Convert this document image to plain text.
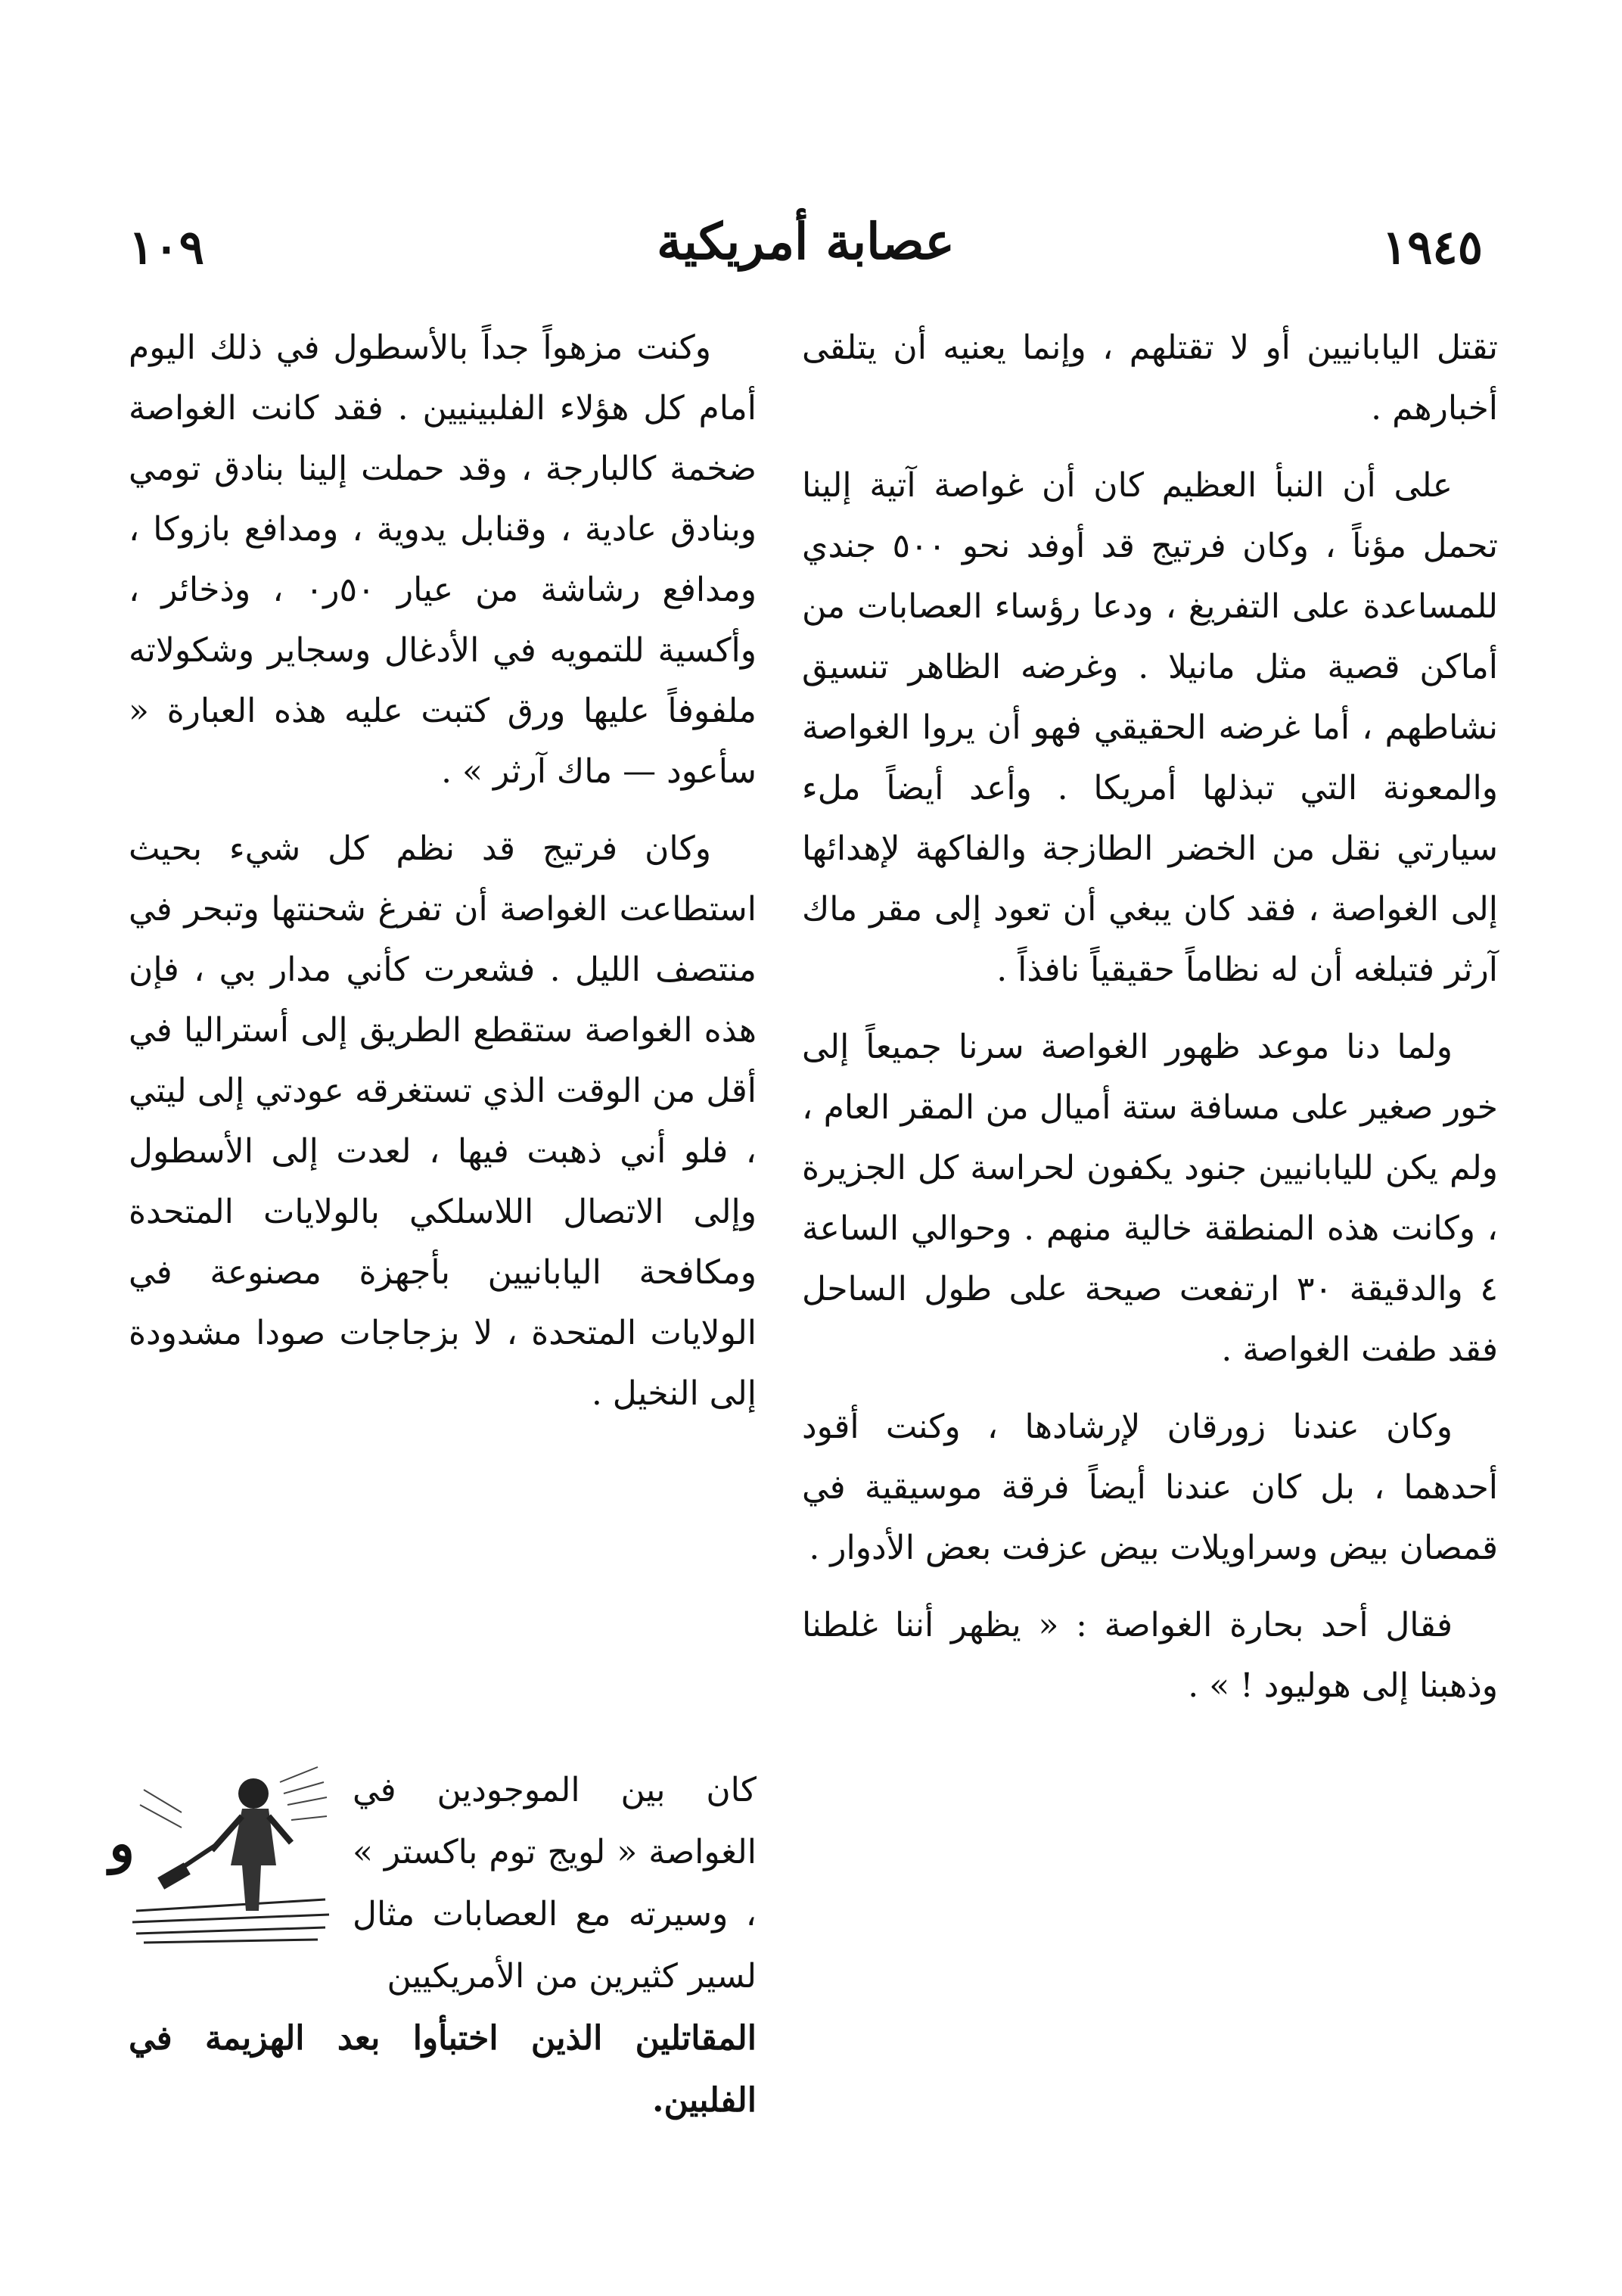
١٠٩	عصابة أمريكية	١٩٤٥

تقتل اليابانيين أو لا تقتلهم ، وإنما يعنيه أن يتلقى أخبارهم .

على أن النبأ العظيم كان أن غواصة آتية إلينا تحمل مؤناً ، وكان فرتيج قد أوفد نحو ٥٠٠ جندي للمساعدة على التفريغ ، ودعا رؤساء العصابات من أماكن قصية مثل مانيلا . وغرضه الظاهر تنسيق نشاطهم ، أما غرضه الحقيقي فهو أن يروا الغواصة والمعونة التي تبذلها أمريكا . وأعد أيضاً ملء سيارتي نقل من الخضر الطازجة والفاكهة لإهدائها إلى الغواصة ، فقد كان يبغي أن تعود إلى مقر ماك آرثر فتبلغه أن له نظاماً حقيقياً نافذاً .

ولما دنا موعد ظهور الغواصة سرنا جميعاً إلى خور صغير على مسافة ستة أميال من المقر العام ، ولم يكن لليابانيين جنود يكفون لحراسة كل الجزيرة ، وكانت هذه المنطقة خالية منهم . وحوالي الساعة ٤ والدقيقة ٣٠ ارتفعت صيحة على طول الساحل فقد طفت الغواصة .

وكان عندنا زورقان لإرشادها ، وكنت أقود أحدهما ، بل كان عندنا أيضاً فرقة موسيقية في قمصان بيض وسراويلات بيض عزفت بعض الأدوار .

فقال أحد بحارة الغواصة : « يظهر أننا غلطنا وذهبنا إلى هوليود ! » .

وكنت مزهواً جداً بالأسطول في ذلك اليوم أمام كل هؤلاء الفلبينيين . فقد كانت الغواصة ضخمة كالبارجة ، وقد حملت إلينا بنادق تومي وبنادق عادية ، وقنابل يدوية ، ومدافع بازوكا ، ومدافع رشاشة من عيار ٥٠ر٠ ، وذخائر ، وأكسية للتمويه في الأدغال وسجاير وشكولاته ملفوفاً عليها ورق كتبت عليه هذه العبارة « سأعود — ماك آرثر » .

وكان فرتيج قد نظم كل شيء بحيث استطاعت الغواصة أن تفرغ شحنتها وتبحر في منتصف الليل . فشعرت كأني مدار بي ، فإن هذه الغواصة ستقطع الطريق إلى أستراليا في أقل من الوقت الذي تستغرقه عودتي إلى ليتي ، فلو أني ذهبت فيها ، لعدت إلى الأسطول وإلى الاتصال اللاسلكي بالولايات المتحدة ومكافحة اليابانيين بأجهزة مصنوعة في الولايات المتحدة ، لا بزجاجات صودا مشدودة إلى النخيل .

و
كان بين الموجودين في الغواصة « لويج توم باكستر » ، وسيرته مع العصابات مثال لسير كثيرين من الأمريكيين
المقاتلين الذين اختبأوا بعد الهزيمة في الفلبين.
